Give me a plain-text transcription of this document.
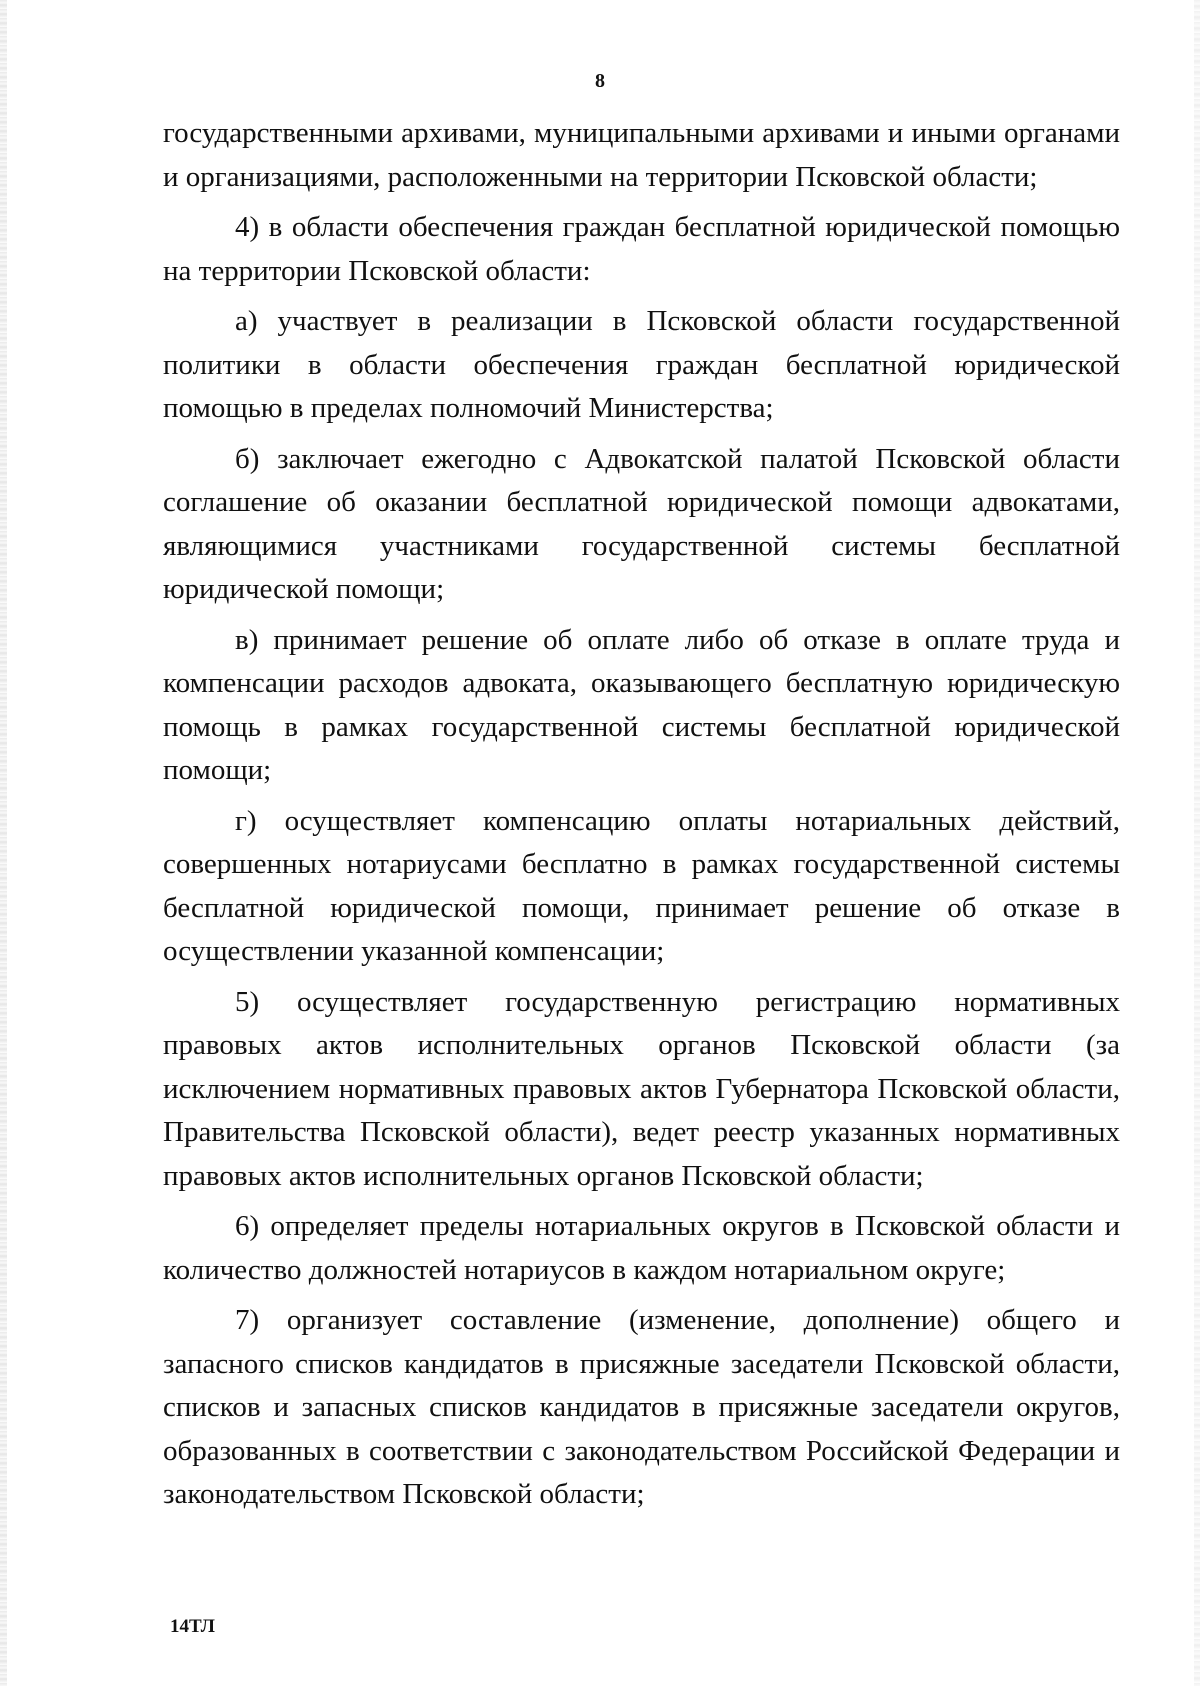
8

государственными архивами, муниципальными архивами и иными органами и организациями, расположенными на территории Псковской области;

4) в области обеспечения граждан бесплатной юридической помощью на территории Псковской области:

а) участвует в реализации в Псковской области государственной политики в области обеспечения граждан бесплатной юридической помощью в пределах полномочий Министерства;

б) заключает ежегодно с Адвокатской палатой Псковской области соглашение об оказании бесплатной юридической помощи адвокатами, являющимися участниками государственной системы бесплатной юридической помощи;

в) принимает решение об оплате либо об отказе в оплате труда и компенсации расходов адвоката, оказывающего бесплатную юридическую помощь в рамках государственной системы бесплатной юридической помощи;

г) осуществляет компенсацию оплаты нотариальных действий, совершенных нотариусами бесплатно в рамках государственной системы бесплатной юридической помощи, принимает решение об отказе в осуществлении указанной компенсации;

5) осуществляет государственную регистрацию нормативных правовых актов исполнительных органов Псковской области (за исключением нормативных правовых актов Губернатора Псковской области, Правительства Псковской области), ведет реестр указанных нормативных правовых актов исполнительных органов Псковской области;

6) определяет пределы нотариальных округов в Псковской области и количество должностей нотариусов в каждом нотариальном округе;

7) организует составление (изменение, дополнение) общего и запасного списков кандидатов в присяжные заседатели Псковской области, списков и запасных списков кандидатов в присяжные заседатели округов, образованных в соответствии с законодательством Российской Федерации и законодательством Псковской области;

14ТЛ
